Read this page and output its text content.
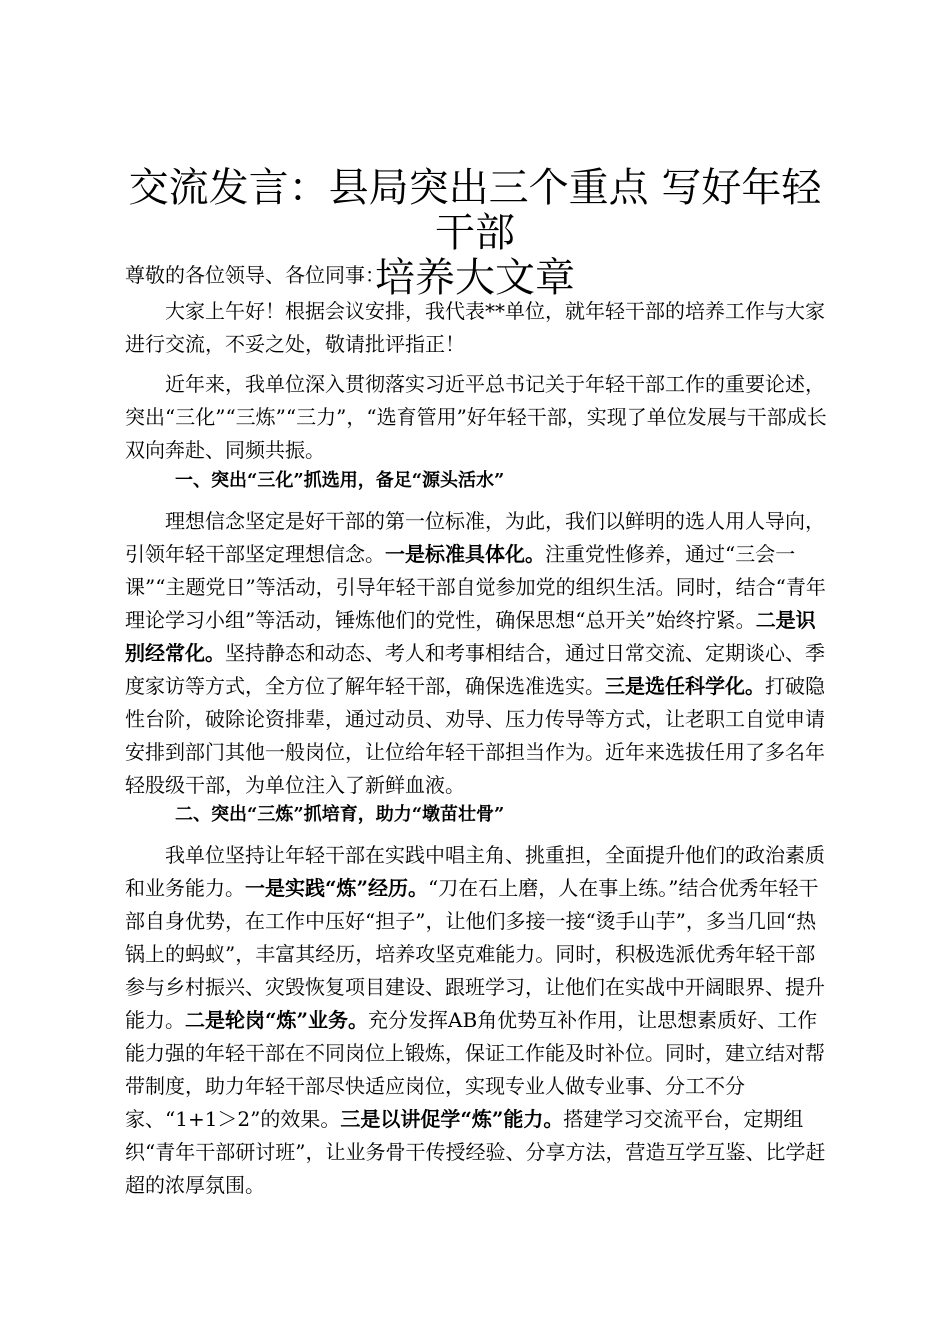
交流发言：县局突出三个重点 写好年轻干部
培养大文章

尊敬的各位领导、各位同事：

大家上午好！根据会议安排，我代表**单位，就年轻干部的培养工作与大家进行交流，不妥之处，敬请批评指正！

近年来，我单位深入贯彻落实习近平总书记关于年轻干部工作的重要论述，突出“三化”“三炼”“三力”，“选育管用”好年轻干部，实现了单位发展与干部成长双向奔赴、同频共振。

一、突出“三化”抓选用，备足“源头活水”

理想信念坚定是好干部的第一位标准，为此，我们以鲜明的选人用人导向，引领年轻干部坚定理想信念。一是标准具体化。注重党性修养，通过“三会一课”“主题党日”等活动，引导年轻干部自觉参加党的组织生活。同时，结合“青年理论学习小组”等活动，锤炼他们的党性，确保思想“总开关”始终拧紧。二是识别经常化。坚持静态和动态、考人和考事相结合，通过日常交流、定期谈心、季度家访等方式，全方位了解年轻干部，确保选准选实。三是选任科学化。打破隐性台阶，破除论资排辈，通过动员、劝导、压力传导等方式，让老职工自觉申请安排到部门其他一般岗位，让位给年轻干部担当作为。近年来选拔任用了多名年轻股级干部，为单位注入了新鲜血液。

二、突出“三炼”抓培育，助力“墩苗壮骨”

我单位坚持让年轻干部在实践中唱主角、挑重担，全面提升他们的政治素质和业务能力。一是实践“炼”经历。“刀在石上磨，人在事上练。”结合优秀年轻干部自身优势，在工作中压好“担子”，让他们多接一接“烫手山芋”，多当几回“热锅上的蚂蚁”，丰富其经历，培养攻坚克难能力。同时，积极选派优秀年轻干部参与乡村振兴、灾毁恢复项目建设、跟班学习，让他们在实战中开阔眼界、提升能力。二是轮岗“炼”业务。充分发挥AB角优势互补作用，让思想素质好、工作能力强的年轻干部在不同岗位上锻炼，保证工作能及时补位。同时，建立结对帮带制度，助力年轻干部尽快适应岗位，实现专业人做专业事、分工不分家、“1+1＞2”的效果。三是以讲促学“炼”能力。搭建学习交流平台，定期组织“青年干部研讨班”，让业务骨干传授经验、分享方法，营造互学互鉴、比学赶超的浓厚氛围。
